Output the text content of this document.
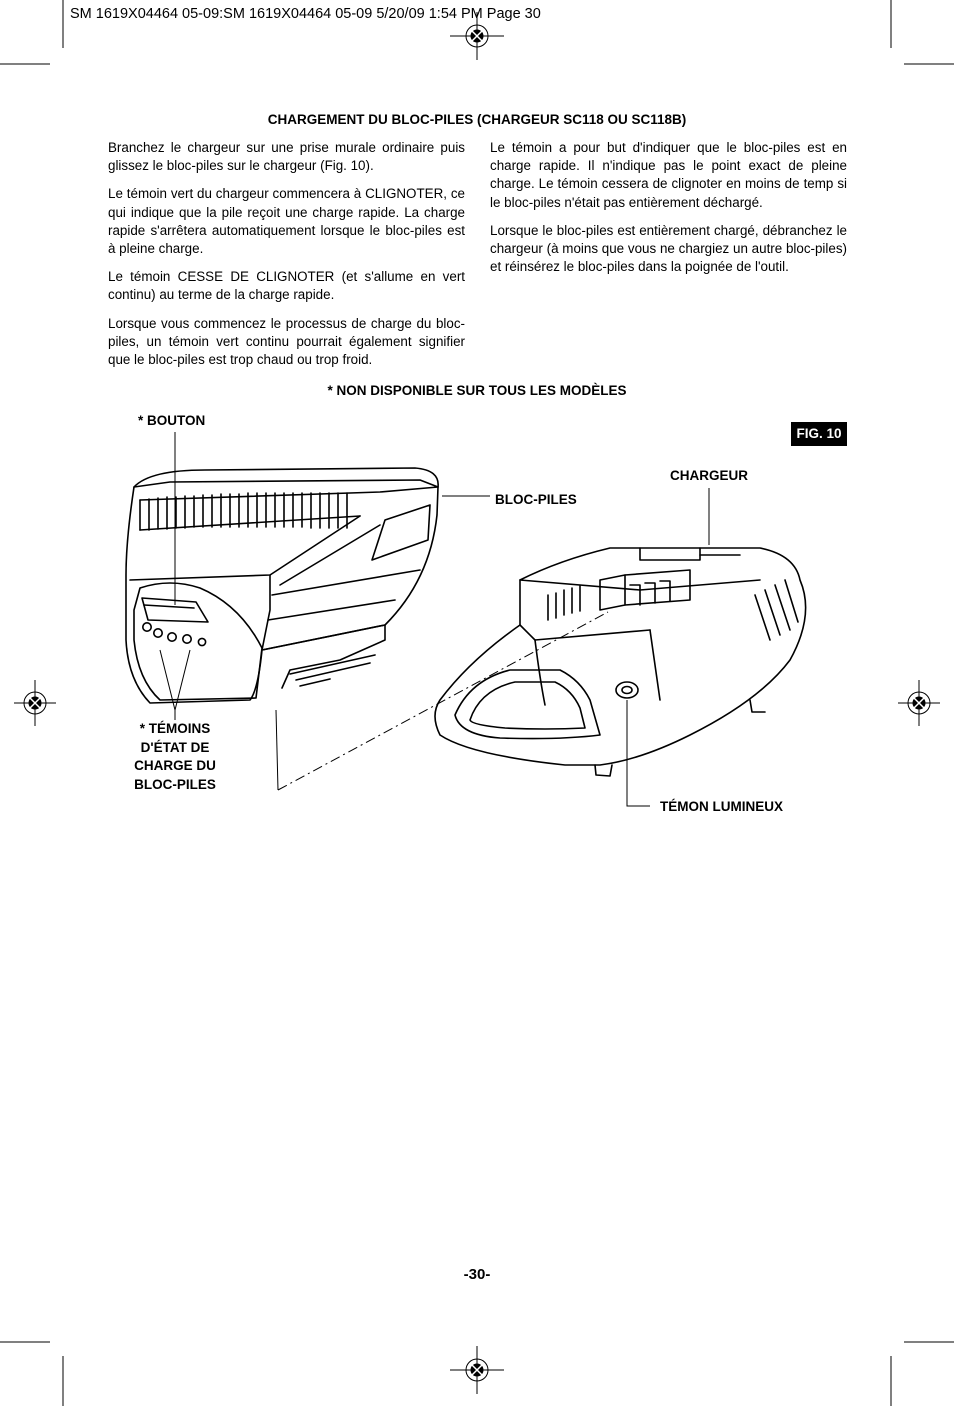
SM 1619X04464 05-09:SM 1619X04464 05-09 5/20/09 1:54 PM Page 30
CHARGEMENT DU BLOC-PILES (CHARGEUR SC118 OU SC118B)

Branchez le chargeur sur une prise murale ordinaire puis glissez le bloc-piles sur le chargeur (Fig. 10).

Le témoin vert du chargeur commencera à CLIGNOTER, ce qui indique que la pile reçoit une charge rapide. La charge rapide s'arrêtera automatiquement lorsque le bloc-piles est à pleine charge.

Le témoin CESSE DE CLIGNOTER (et s'allume en vert continu) au terme de la charge rapide.

Lorsque vous commencez le processus de charge du bloc-piles, un témoin vert continu pourrait également signifier que le bloc-piles est trop chaud ou trop froid.

Le témoin a pour but d'indiquer que le bloc-piles est en charge rapide. Il n'indique pas le point exact de pleine charge. Le témoin cessera de clignoter en moins de temp si le bloc-piles n'était pas entièrement déchargé.

Lorsque le bloc-piles est entièrement chargé, débranchez le chargeur (à moins que vous ne chargiez un autre bloc-piles) et réinsérez le bloc-piles dans la poignée de l'outil.

* NON DISPONIBLE SUR TOUS LES MODÈLES
* BOUTON
FIG. 10
CHARGEUR
BLOC-PILES
* TÉMOINS
D'ÉTAT DE
CHARGE DU
BLOC-PILES
TÉMON LUMINEUX
-30-
